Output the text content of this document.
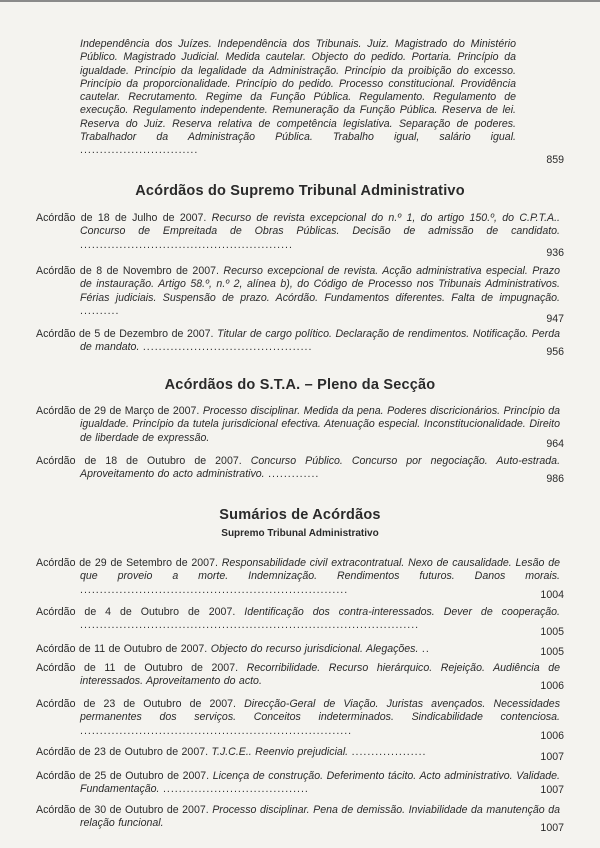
Independência dos Juízes. Independência dos Tribunais. Juiz. Magistrado do Ministério Público. Magistrado Judicial. Medida cautelar. Objecto do pedido. Portaria. Princípio da igualdade. Princípio da legalidade da Administração. Princípio da proibição do excesso. Princípio da proporcionalidade. Princípio do pedido. Processo constitucional. Providência cautelar. Recrutamento. Regime da Função Pública. Regulamento. Regulamento de execução. Regulamento independente. Remuneração da Função Pública. Reserva de lei. Reserva do Juiz. Reserva relativa de competência legislativa. Separação de poderes. Trabalhador da Administração Pública. Trabalho igual, salário igual. ..............................
859
Acórdãos do Supremo Tribunal Administrativo
Acórdão de 18 de Julho de 2007. Recurso de revista excepcional do n.º 1, do artigo 150.º, do C.P.T.A.. Concurso de Empreitada de Obras Públicas. Decisão de admissão de candidato. ......................................................
936
Acórdão de 8 de Novembro de 2007. Recurso excepcional de revista. Acção administrativa especial. Prazo de instauração. Artigo 58.º, n.º 2, alínea b), do Código de Processo nos Tribunais Administrativos. Férias judiciais. Suspensão de prazo. Acórdão. Fundamentos diferentes. Falta de impugnação. ..........
947
Acórdão de 5 de Dezembro de 2007. Titular de cargo político. Declaração de rendimentos. Notificação. Perda de mandato. ...........................................	956
Acórdãos do S.T.A. – Pleno da Secção
Acórdão de 29 de Março de 2007. Processo disciplinar. Medida da pena. Poderes discricionários. Princípio da igualdade. Princípio da tutela jurisdicional efectiva. Atenuação especial. Inconstitucionalidade. Direito de liberdade de expressão.
964
Acórdão de 18 de Outubro de 2007. Concurso Público. Concurso por negociação. Auto-estrada. Aproveitamento do acto administrativo. .............	986
Sumários de Acórdãos
Supremo Tribunal Administrativo
Acórdão de 29 de Setembro de 2007. Responsabilidade civil extracontratual. Nexo de causalidade. Lesão de que proveio a morte. Indemnização. Rendimentos futuros. Danos morais. ....................................................................	1004
Acórdão de 4 de Outubro de 2007. Identificação dos contra-interessados. Dever de cooperação. ......................................................................................
1005
Acórdão de 11 de Outubro de 2007. Objecto do recurso jurisdicional. Alegações. ..	1005
Acórdão de 11 de Outubro de 2007. Recorribilidade. Recurso hierárquico. Rejeição. Audiência de interessados. Aproveitamento do acto.	1006
Acórdão de 23 de Outubro de 2007. Direcção-Geral de Viação. Juristas avençados. Necessidades permanentes dos serviços. Conceitos indeterminados. Sindicabilidade contenciosa. .....................................................................	1006
Acórdão de 23 de Outubro de 2007. T.J.C.E.. Reenvio prejudicial. ...................	1007
Acórdão de 25 de Outubro de 2007. Licença de construção. Deferimento tácito. Acto administrativo. Validade. Fundamentação. .....................................	1007
Acórdão de 30 de Outubro de 2007. Processo disciplinar. Pena de demissão. Inviabilidade da manutenção da relação funcional.	1007
